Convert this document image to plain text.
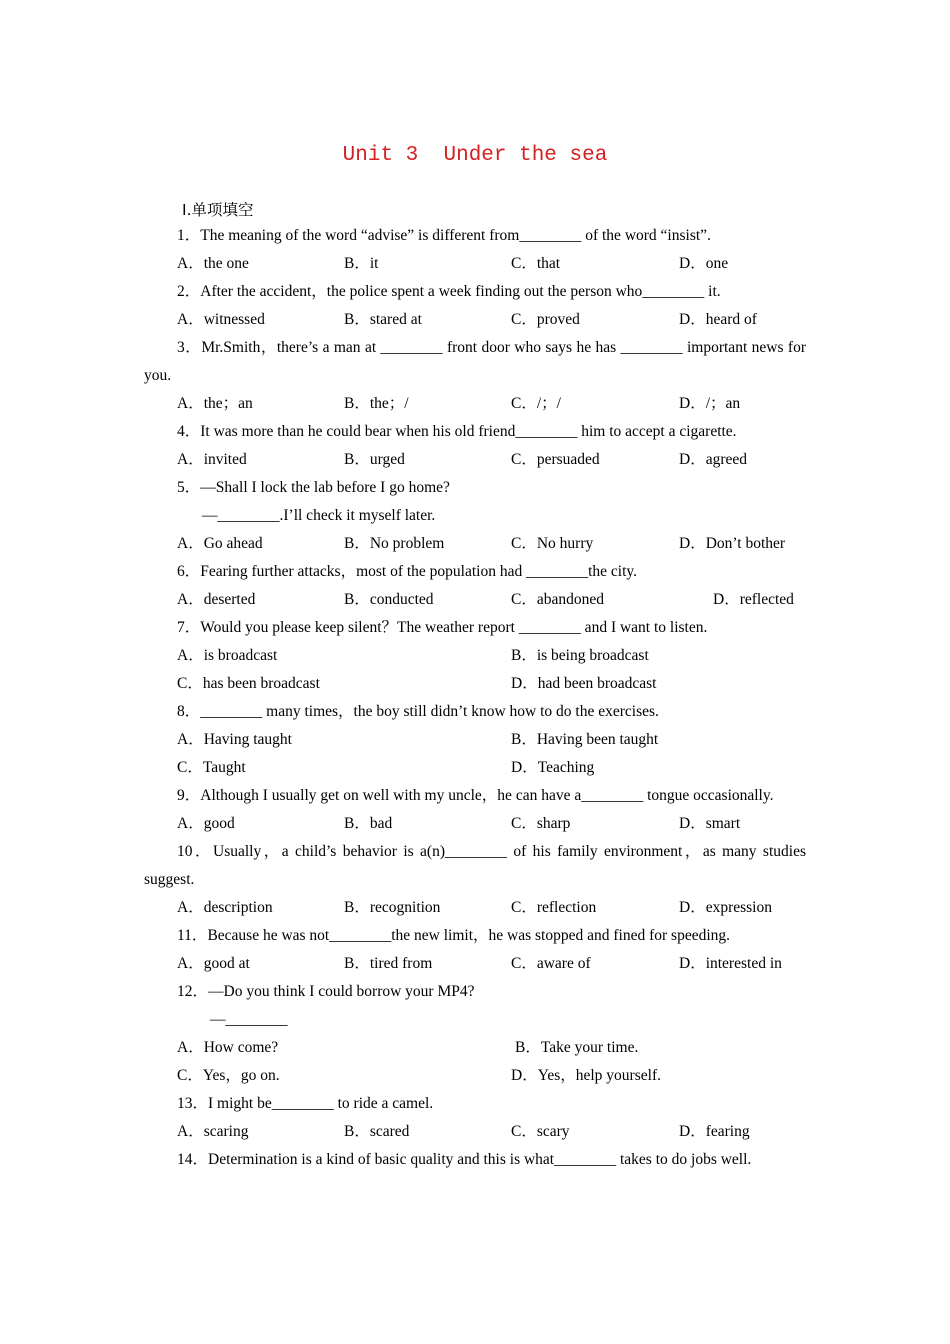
Unit 3  Under the sea
Ⅰ.单项填空
1．The meaning of the word “advise” is different from________ of the word “insist”.
A．the one	B．it	C．that	D．one
2．After the accident，the police spent a week finding out the person who________ it.
A．witnessed	B．stared at	C．proved	D．heard of
3．Mr.Smith，there’s a man at ________ front door who says he has ________ important news for you.
A．the；an	B．the；/	C．/；/	D．/；an
4．It was more than he could bear when his old friend________ him to accept a cigarette.
A．invited	B．urged	C．persuaded	D．agreed
5．—Shall I lock the lab before I go home?
—________.I’ll check it myself later.
A．Go ahead	B．No problem	C．No hurry	D．Don’t bother
6．Fearing further attacks，most of the population had ________the city.
A．deserted	B．conducted	C．abandoned	D．reflected
7．Would you please keep silent？The weather report ________ and I want to listen.
A．is broadcast	B．is being broadcast
C．has been broadcast	D．had been broadcast
8．________ many times，the boy still didn’t know how to do the exercises.
A．Having taught	B．Having been taught
C．Taught	D．Teaching
9．Although I usually get on well with my uncle，he can have a________ tongue occasionally.
A．good	B．bad	C．sharp	D．smart
10．Usually，a child’s behavior is a(n)________ of his family environment，as many studies suggest.
A．description	B．recognition	C．reflection	D．expression
11．Because he was not________the new limit，he was stopped and fined for speeding.
A．good at	B．tired from	C．aware of	D．interested in
12．—Do you think I could borrow your MP4?
—________
A．How come?	B．Take your time.
C．Yes，go on.	D．Yes，help yourself.
13．I might be________ to ride a camel.
A．scaring	B．scared	C．scary	D．fearing
14．Determination is a kind of basic quality and this is what________ takes to do jobs well.
